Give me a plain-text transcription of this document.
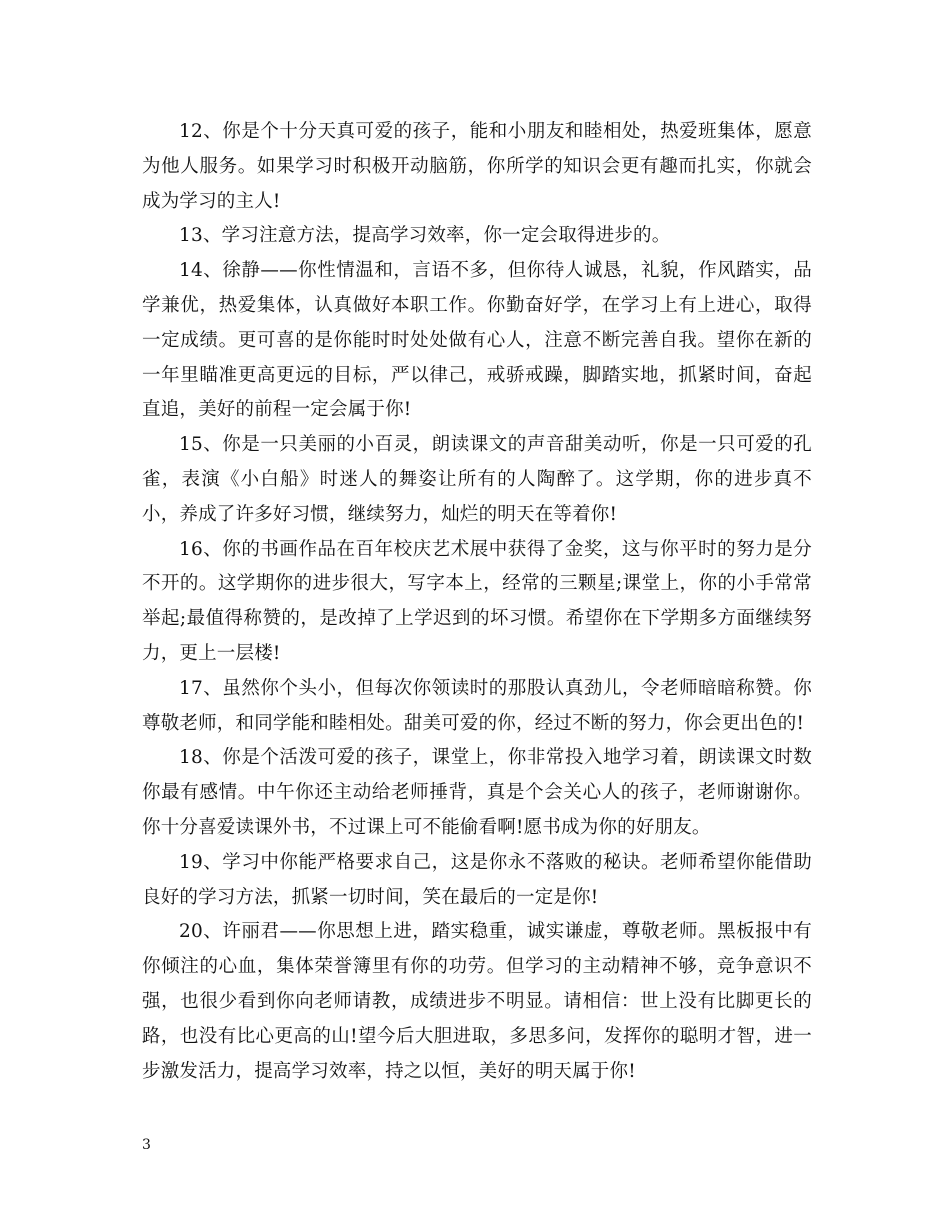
12、你是个十分天真可爱的孩子，能和小朋友和睦相处，热爱班集体，愿意为他人服务。如果学习时积极开动脑筋，你所学的知识会更有趣而扎实，你就会成为学习的主人!

13、学习注意方法，提高学习效率，你一定会取得进步的。

14、徐静——你性情温和，言语不多，但你待人诚恳，礼貌，作风踏实，品学兼优，热爱集体，认真做好本职工作。你勤奋好学，在学习上有上进心，取得一定成绩。更可喜的是你能时时处处做有心人，注意不断完善自我。望你在新的一年里瞄准更高更远的目标，严以律己，戒骄戒躁，脚踏实地，抓紧时间，奋起直追，美好的前程一定会属于你!

15、你是一只美丽的小百灵，朗读课文的声音甜美动听，你是一只可爱的孔雀，表演《小白船》时迷人的舞姿让所有的人陶醉了。这学期，你的进步真不小，养成了许多好习惯，继续努力，灿烂的明天在等着你!

16、你的书画作品在百年校庆艺术展中获得了金奖，这与你平时的努力是分不开的。这学期你的进步很大，写字本上，经常的三颗星;课堂上，你的小手常常举起;最值得称赞的，是改掉了上学迟到的坏习惯。希望你在下学期多方面继续努力，更上一层楼!

17、虽然你个头小，但每次你领读时的那股认真劲儿，令老师暗暗称赞。你尊敬老师，和同学能和睦相处。甜美可爱的你，经过不断的努力，你会更出色的!

18、你是个活泼可爱的孩子，课堂上，你非常投入地学习着，朗读课文时数你最有感情。中午你还主动给老师捶背，真是个会关心人的孩子，老师谢谢你。你十分喜爱读课外书，不过课上可不能偷看啊!愿书成为你的好朋友。

19、学习中你能严格要求自己，这是你永不落败的秘诀。老师希望你能借助良好的学习方法，抓紧一切时间，笑在最后的一定是你!

20、许丽君——你思想上进，踏实稳重，诚实谦虚，尊敬老师。黑板报中有你倾注的心血，集体荣誉簿里有你的功劳。但学习的主动精神不够，竞争意识不强，也很少看到你向老师请教，成绩进步不明显。请相信：世上没有比脚更长的路，也没有比心更高的山!望今后大胆进取，多思多问，发挥你的聪明才智，进一步激发活力，提高学习效率，持之以恒，美好的明天属于你!

3
